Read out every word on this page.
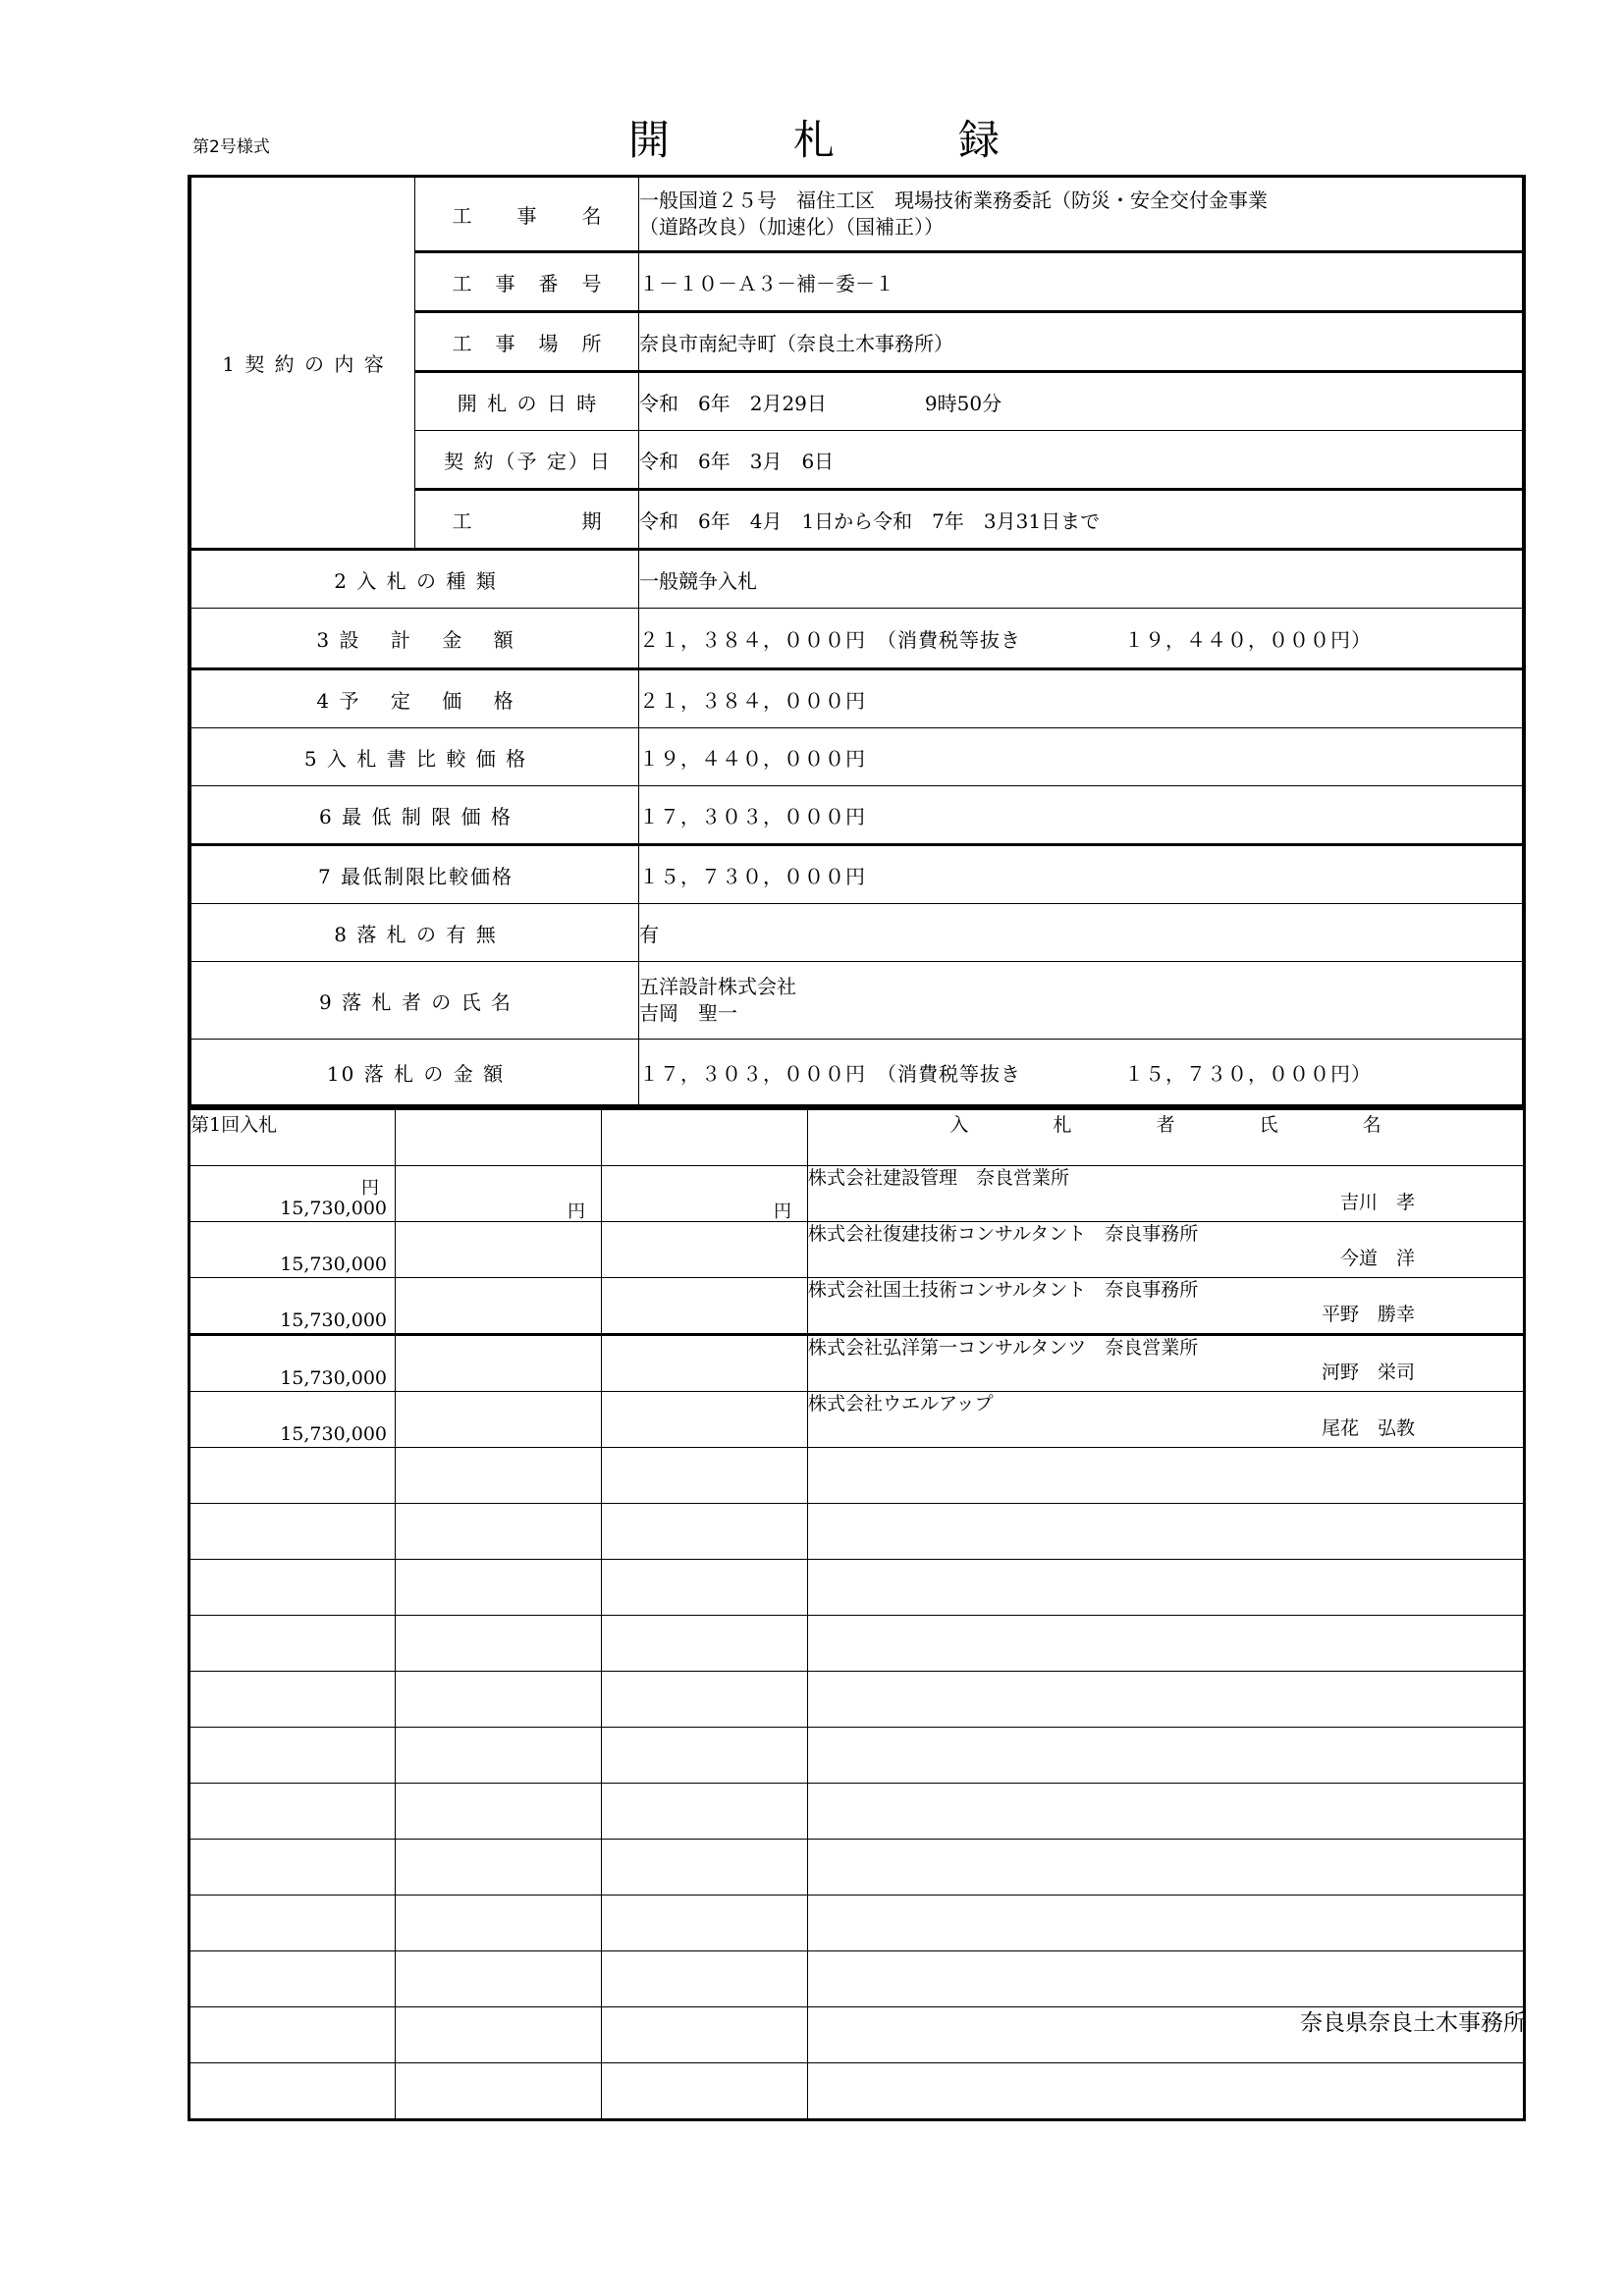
第2号様式	開　札　録
1 契 約 の 内 容	工　　事　　名	一般国道２５号　福住工区　現場技術業務委託（防災・安全交付金事業
（道路改良）（加速化）（国補正））
	工　事　番　号	１－１０－Ａ３－補－委－１
	工　事　場　所	奈良市南紀寺町（奈良土木事務所）
	開 札 の 日 時	令和　6年　2月29日　　　　　9時50分
	契 約（予 定）日	令和　6年　3月　6日
	工　　　　　期	令和　6年　4月　1日から令和　7年　3月31日まで
2 入 札 の 種 類		一般競争入札
3 設 　計 　金 　額		２１，３８４，０００円　（消費税等抜き　　　　　１９，４４０，０００円）
4 予 　定 　価 　格		２１，３８４，０００円
5 入 札 書 比 較 価 格		１９，４４０，０００円
6 最 低 制 限 価 格		１７，３０３，０００円
7 最低制限比較価格		１５，７３０，０００円
8 落 札 の 有 無		有
9 落 札 者 の 氏 名		五洋設計株式会社
吉岡　聖一
10 落 札 の 金 額		１７，３０３，０００円　（消費税等抜き　　　　　１５，７３０，０００円）
第1回入札			入 札 者 氏 名

円
15,730,000	円	円	株式会社建設管理　奈良営業所
吉川　孝

15,730,000			株式会社復建技術コンサルタント　奈良事務所
今道　洋

15,730,000			株式会社国土技術コンサルタント　奈良事務所
平野　勝幸

15,730,000			株式会社弘洋第一コンサルタンツ　奈良営業所
河野　栄司

15,730,000			株式会社ウエルアップ
尾花　弘教

奈良県奈良土木事務所
